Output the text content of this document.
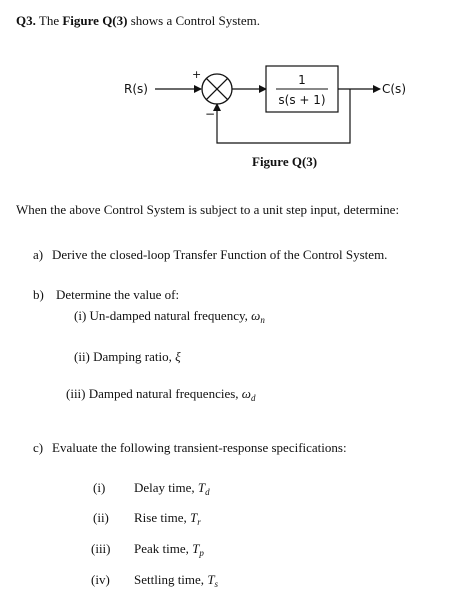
Q3. The Figure Q(3) shows a Control System.
R(s)
+	1
s(s + 1)
C(s)
−
Figure Q(3)
When the above Control System is subject to a unit step input, determine:
a) Derive the closed-loop Transfer Function of the Control System.
b) Determine the value of:
(i) Un-damped natural frequency, $\omega_n$
(ii) Damping ratio, ξ
(iii) Damped natural frequencies, $\omega_d$
c) Evaluate the following transient-response specifications:
(i) Delay time, $T_d$
(ii) Rise time, $T_r$
(iii) Peak time, $T_p$
(iv) Settling time, $T_s$
